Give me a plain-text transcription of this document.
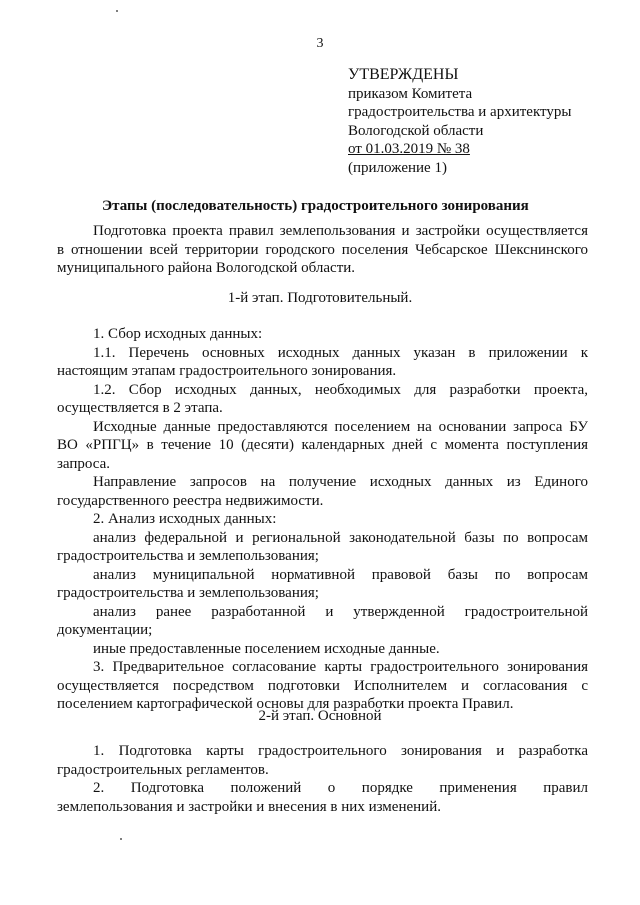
3
УТВЕРЖДЕНЫ
приказом Комитета
градостроительства и архитектуры
Вологодской области
от 01.03.2019 № 38
(приложение 1)
Этапы (последовательность) градостроительного зонирования
Подготовка проекта правил землепользования и застройки осуществляется
в отношении всей территории городского поселения Чебсарское Шекснинского
муниципального района Вологодской области.
1-й этап. Подготовительный.
1. Сбор исходных данных:
1.1. Перечень основных исходных данных указан в приложении к
настоящим этапам градостроительного зонирования.
1.2. Сбор исходных данных, необходимых для разработки проекта,
осуществляется в 2 этапа.
Исходные данные предоставляются поселением на основании запроса БУ
ВО «РПГЦ» в течение 10 (десяти) календарных дней с момента поступления
запроса.
Направление запросов на получение исходных данных из Единого
государственного реестра недвижимости.
2. Анализ исходных данных:
анализ федеральной и региональной законодательной базы по вопросам
градостроительства и землепользования;
анализ муниципальной нормативной правовой базы по вопросам
градостроительства и землепользования;
анализ ранее разработанной и утвержденной градостроительной
документации;
иные предоставленные поселением исходные данные.
3. Предварительное согласование карты градостроительного зонирования
осуществляется посредством подготовки Исполнителем и согласования с
поселением картографической основы для разработки проекта Правил.
2-й этап. Основной
1. Подготовка карты градостроительного зонирования и разработка
градостроительных регламентов.
2. Подготовка положений о порядке применения правил
землепользования и застройки и внесения в них изменений.
